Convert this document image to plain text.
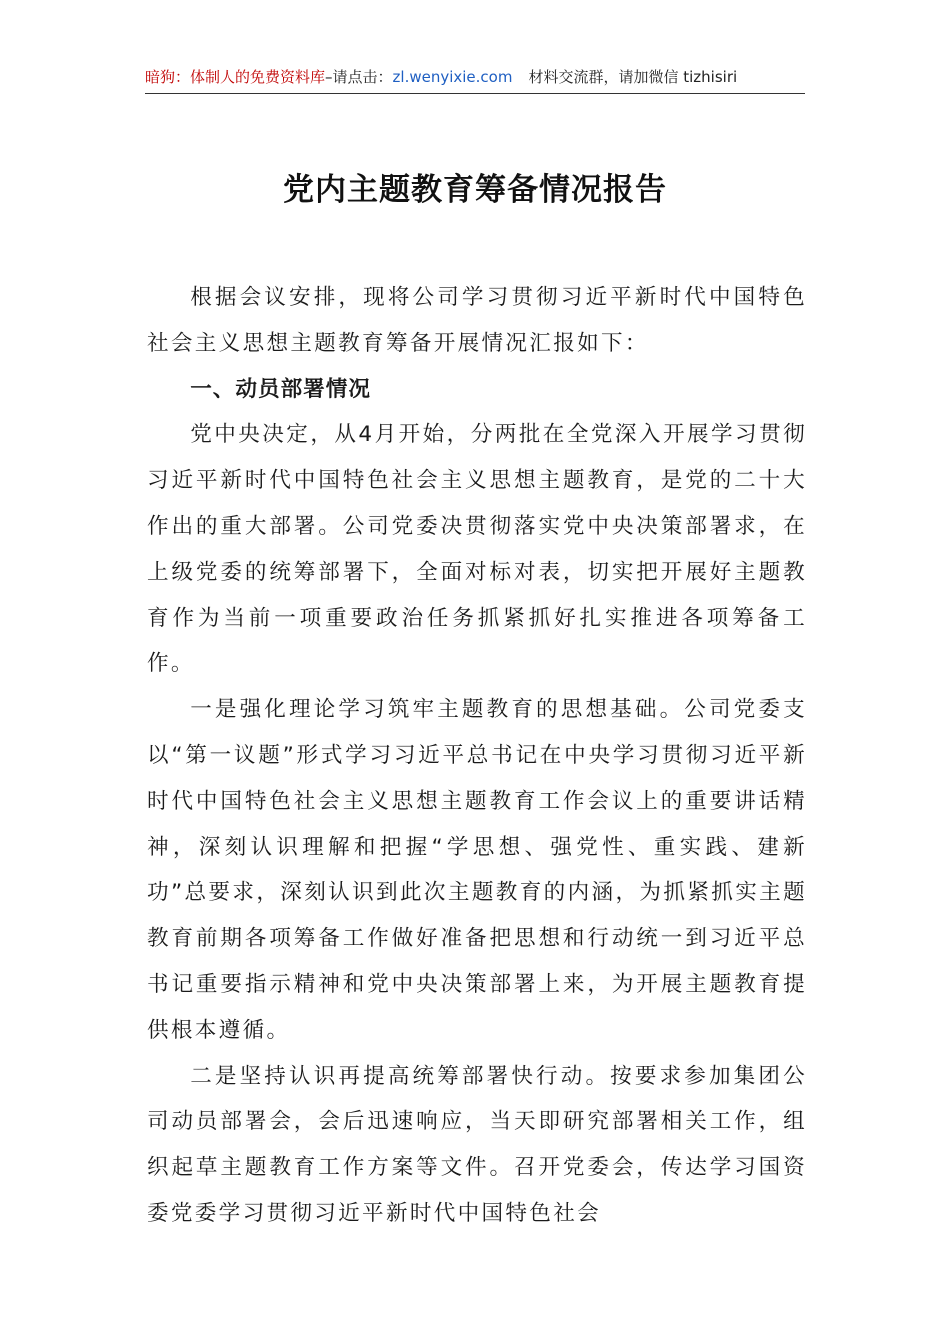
暗狗：体制人的免费资料库–请点击：zl.wenyixie.com 材料交流群，请加微信 tizhisiri
党内主题教育筹备情况报告

根据会议安排，现将公司学习贯彻习近平新时代中国特色社会主义思想主题教育筹备开展情况汇报如下：

一、动员部署情况

党中央决定，从4月开始，分两批在全党深入开展学习贯彻习近平新时代中国特色社会主义思想主题教育，是党的二十大作出的重大部署。公司党委决贯彻落实党中央决策部署求，在上级党委的统筹部署下，全面对标对表，切实把开展好主题教育作为当前一项重要政治任务抓紧抓好扎实推进各项筹备工作。

一是强化理论学习筑牢主题教育的思想基础。公司党委支以“第一议题”形式学习习近平总书记在中央学习贯彻习近平新时代中国特色社会主义思想主题教育工作会议上的重要讲话精神，深刻认识理解和把握“学思想、强党性、重实践、建新功”总要求，深刻认识到此次主题教育的内涵，为抓紧抓实主题教育前期各项筹备工作做好准备把思想和行动统一到习近平总书记重要指示精神和党中央决策部署上来，为开展主题教育提供根本遵循。

二是坚持认识再提高统筹部署快行动。按要求参加集团公司动员部署会，会后迅速响应，当天即研究部署相关工作，组织起草主题教育工作方案等文件。召开党委会，传达学习国资委党委学习贯彻习近平新时代中国特色社会
